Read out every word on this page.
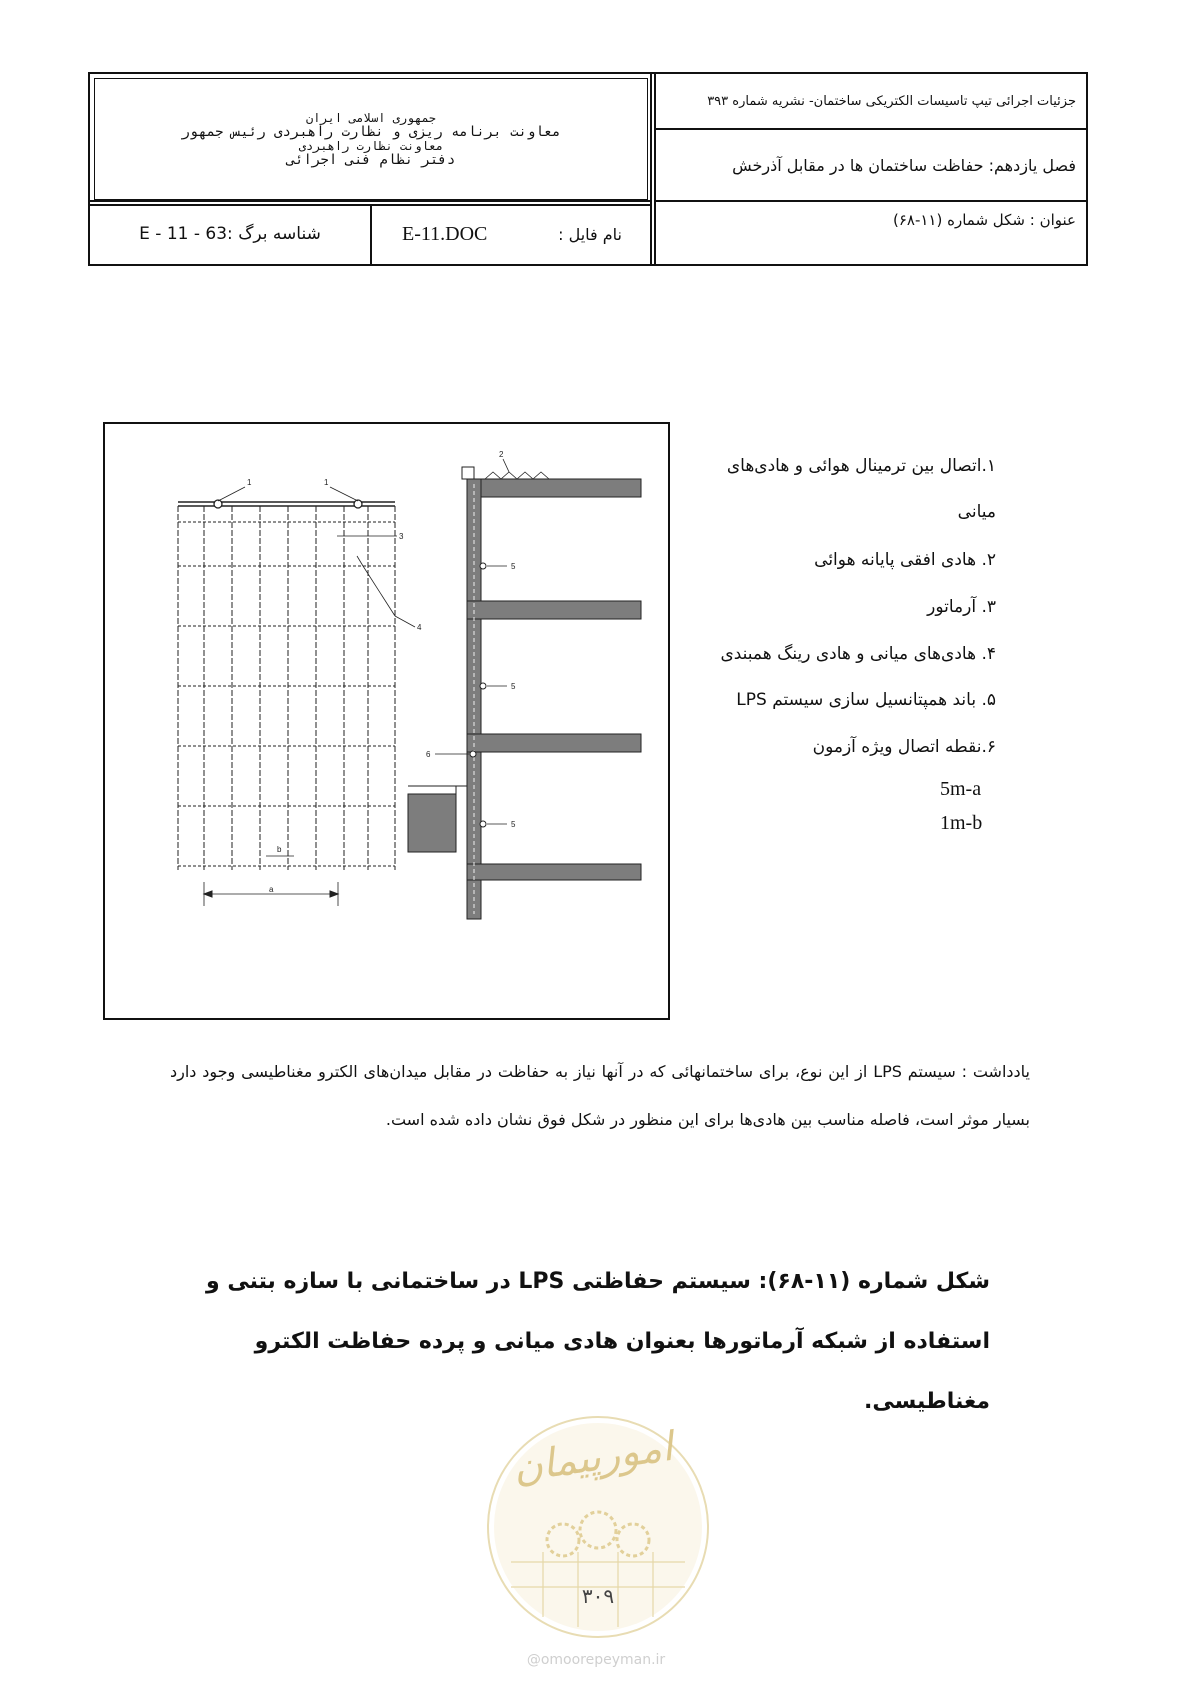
جمهوری اسلامی ایران
معاونت برنامه ریزی و نظارت راهبردی رئیس جمهور
معاونت نظارت راهبردی
دفتر نظام فنی اجرائی
جزئیات اجرائی تیپ تاسیسات الکتریکی ساختمان- نشریه شماره ۳۹۳
فصل یازدهم: حفاظت ساختمان ها در مقابل آذرخش
عنوان : شکل شماره (۱۱-۶۸)
E-11.DOC	نام فایل :
E - 11 - 63: شناسه برگ
1	1
3
4
b
a
2
5
5
5
6
۱.اتصال بین ترمینال هوائی و هادی‌های
میانی
۲. هادی افقی پایانه هوائی
۳. آرماتور
۴. هادی‌های میانی و هادی رینگ همبندی
۵. باند همپتانسیل سازی سیستم LPS
۶.نقطه اتصال ویژه آزمون
5m-a
1m-b
یادداشت : سیستم LPS از این نوع، برای ساختمانهائی که در آنها نیاز به حفاظت در مقابل میدان‌های الکترو مغناطیسی وجود دارد بسیار موثر است، فاصله مناسب بین هادی‌ها برای این منظور در شکل فوق نشان داده شده است.
شکل شماره (۱۱-۶۸): سیستم حفاظتی LPS در ساختمانی با سازه بتنی و استفاده از شبکه آرماتورها بعنوان هادی میانی و پرده حفاظت الکترو مغناطیسی.
امورپیمان
۳۰۹
@omoorepeyman.ir
